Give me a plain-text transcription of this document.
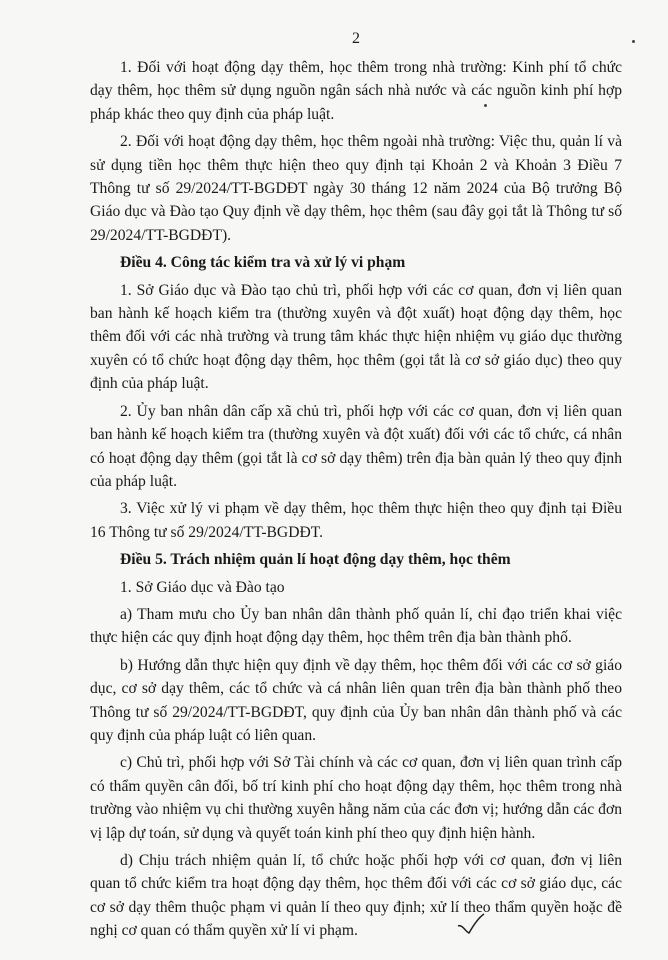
2

1. Đối với hoạt động dạy thêm, học thêm trong nhà trường: Kinh phí tổ chức dạy thêm, học thêm sử dụng nguồn ngân sách nhà nước và các nguồn kinh phí hợp pháp khác theo quy định của pháp luật.

2. Đối với hoạt động dạy thêm, học thêm ngoài nhà trường: Việc thu, quản lí và sử dụng tiền học thêm thực hiện theo quy định tại Khoản 2 và Khoản 3 Điều 7 Thông tư số 29/2024/TT-BGDĐT ngày 30 tháng 12 năm 2024 của Bộ trưởng Bộ Giáo dục và Đào tạo Quy định về dạy thêm, học thêm (sau đây gọi tắt là Thông tư số 29/2024/TT-BGDĐT).

Điều 4. Công tác kiểm tra và xử lý vi phạm

1. Sở Giáo dục và Đào tạo chủ trì, phối hợp với các cơ quan, đơn vị liên quan ban hành kế hoạch kiểm tra (thường xuyên và đột xuất) hoạt động dạy thêm, học thêm đối với các nhà trường và trung tâm khác thực hiện nhiệm vụ giáo dục thường xuyên có tổ chức hoạt động dạy thêm, học thêm (gọi tắt là cơ sở giáo dục) theo quy định của pháp luật.

2. Ủy ban nhân dân cấp xã chủ trì, phối hợp với các cơ quan, đơn vị liên quan ban hành kế hoạch kiểm tra (thường xuyên và đột xuất) đối với các tổ chức, cá nhân có hoạt động dạy thêm (gọi tắt là cơ sở dạy thêm) trên địa bàn quản lý theo quy định của pháp luật.

3. Việc xử lý vi phạm về dạy thêm, học thêm thực hiện theo quy định tại Điều 16 Thông tư số 29/2024/TT-BGDĐT.

Điều 5. Trách nhiệm quản lí hoạt động dạy thêm, học thêm

1. Sở Giáo dục và Đào tạo

a) Tham mưu cho Ủy ban nhân dân thành phố quản lí, chỉ đạo triển khai việc thực hiện các quy định hoạt động dạy thêm, học thêm trên địa bàn thành phố.

b) Hướng dẫn thực hiện quy định về dạy thêm, học thêm đối với các cơ sở giáo dục, cơ sở dạy thêm, các tổ chức và cá nhân liên quan trên địa bàn thành phố theo Thông tư số 29/2024/TT-BGDĐT, quy định của Ủy ban nhân dân thành phố và các quy định của pháp luật có liên quan.

c) Chủ trì, phối hợp với Sở Tài chính và các cơ quan, đơn vị liên quan trình cấp có thẩm quyền cân đối, bố trí kinh phí cho hoạt động dạy thêm, học thêm trong nhà trường vào nhiệm vụ chi thường xuyên hằng năm của các đơn vị; hướng dẫn các đơn vị lập dự toán, sử dụng và quyết toán kinh phí theo quy định hiện hành.

d) Chịu trách nhiệm quản lí, tổ chức hoặc phối hợp với cơ quan, đơn vị liên quan tổ chức kiểm tra hoạt động dạy thêm, học thêm đối với các cơ sở giáo dục, các cơ sở dạy thêm thuộc phạm vi quản lí theo quy định; xử lí theo thẩm quyền hoặc đề nghị cơ quan có thẩm quyền xử lí vi phạm.
